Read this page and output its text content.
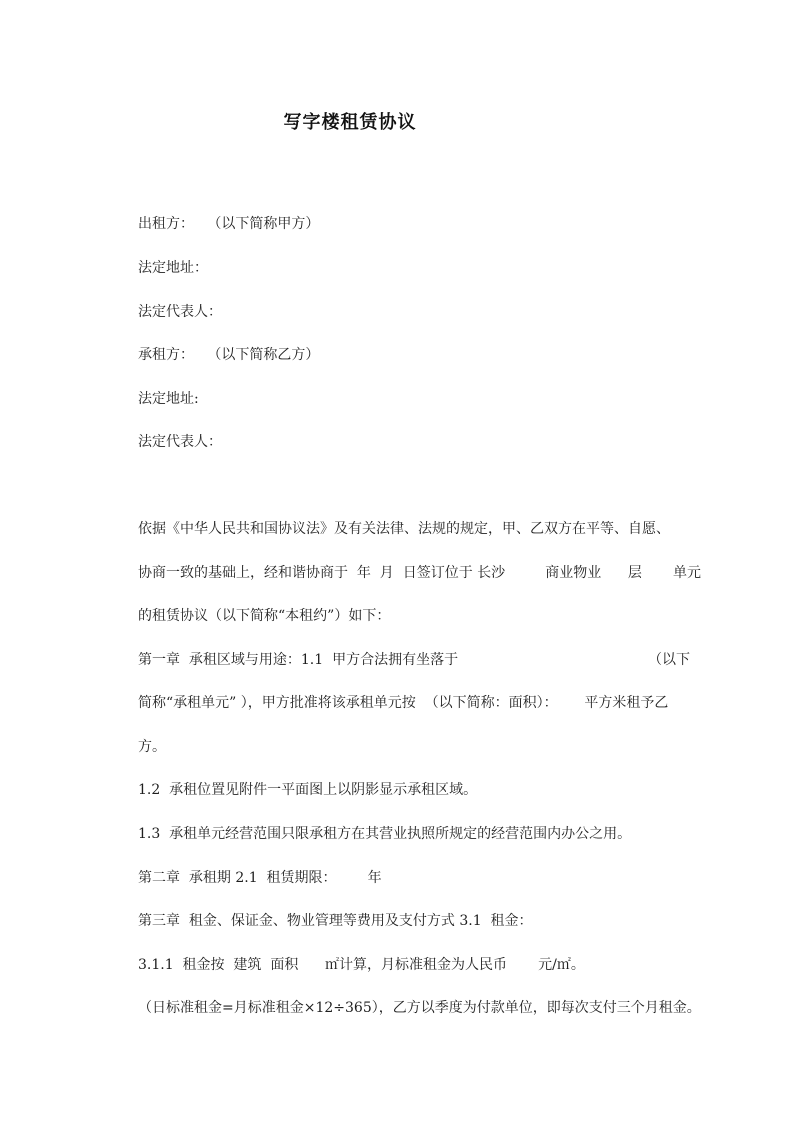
写字楼租赁协议
出租方：   （以下简称甲方）
法定地址：
法定代表人：
承租方：   （以下简称乙方）
法定地址:
法定代表人：
依据《中华人民共和国协议法》及有关法律、法规的规定，甲、乙双方在平等、自愿、
协商一致的基础上，经和谐协商于  年  月  日签订位于 长沙         商业物业      层       单元
的租赁协议（以下简称“本租约”）如下：
第一章  承租区域与用途：1.1  甲方合法拥有坐落于	（以下
简称“承租单元” ），甲方批准将该承租单元按  （以下简称：面积）：      平方米租予乙
方。
1.2  承租位置见附件一平面图上以阴影显示承租区域。
1.3  承租单元经营范围只限承租方在其营业执照所规定的经营范围内办公之用。
第二章  承租期 2.1  租赁期限：       年
第三章  租金、保证金、物业管理等费用及支付方式 3.1  租金：
3.1.1  租金按  建筑  面积      ㎡计算，月标准租金为人民币       元/㎡。
（日标准租金=月标准租金×12÷365），乙方以季度为付款单位，即每次支付三个月租金。
